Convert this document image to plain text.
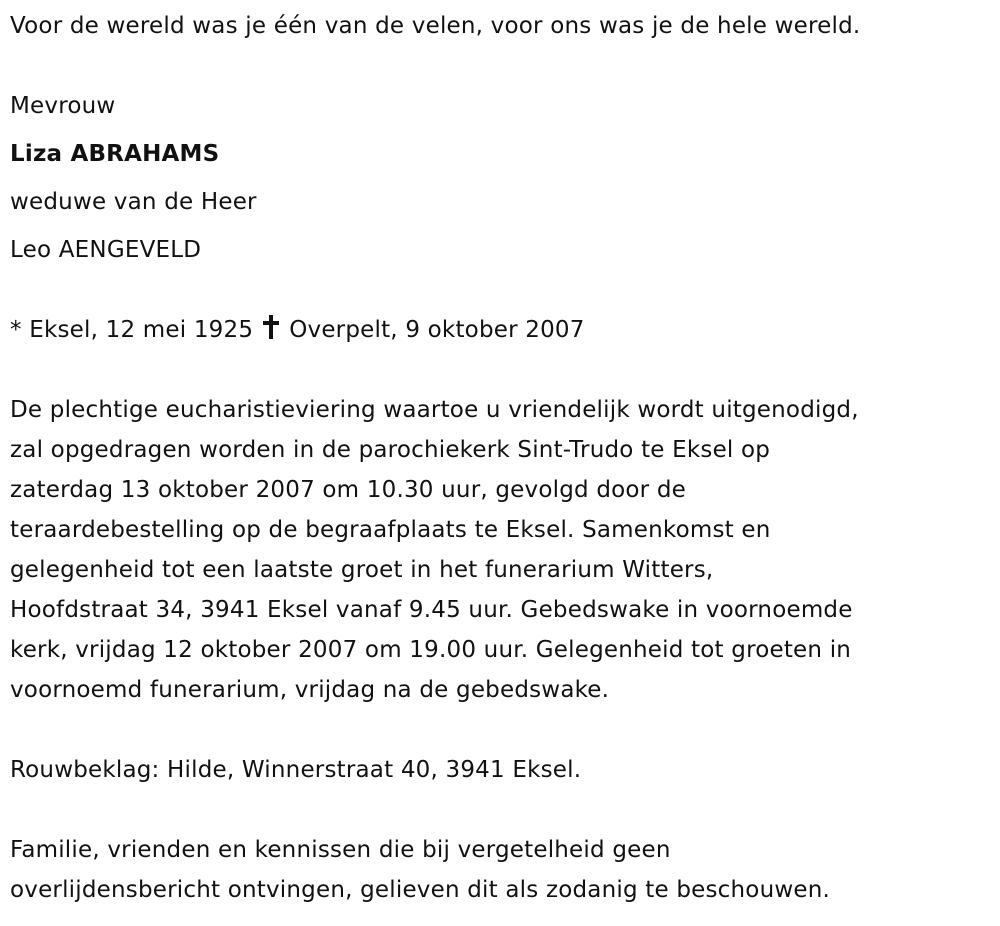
Voor de wereld was je één van de velen, voor ons was je de hele wereld.
Mevrouw
Liza ABRAHAMS
weduwe van de Heer
Leo AENGEVELD
* Eksel, 12 mei 1925 Overpelt, 9 oktober 2007
De plechtige eucharistieviering waartoe u vriendelijk wordt uitgenodigd,
zal opgedragen worden in de parochiekerk Sint-Trudo te Eksel op
zaterdag 13 oktober 2007 om 10.30 uur, gevolgd door de
teraardebestelling op de begraafplaats te Eksel. Samenkomst en
gelegenheid tot een laatste groet in het funerarium Witters,
Hoofdstraat 34, 3941 Eksel vanaf 9.45 uur. Gebedswake in voornoemde
kerk, vrijdag 12 oktober 2007 om 19.00 uur. Gelegenheid tot groeten in
voornoemd funerarium, vrijdag na de gebedswake.
Rouwbeklag: Hilde, Winnerstraat 40, 3941 Eksel.
Familie, vrienden en kennissen die bij vergetelheid geen
overlijdensbericht ontvingen, gelieven dit als zodanig te beschouwen.
